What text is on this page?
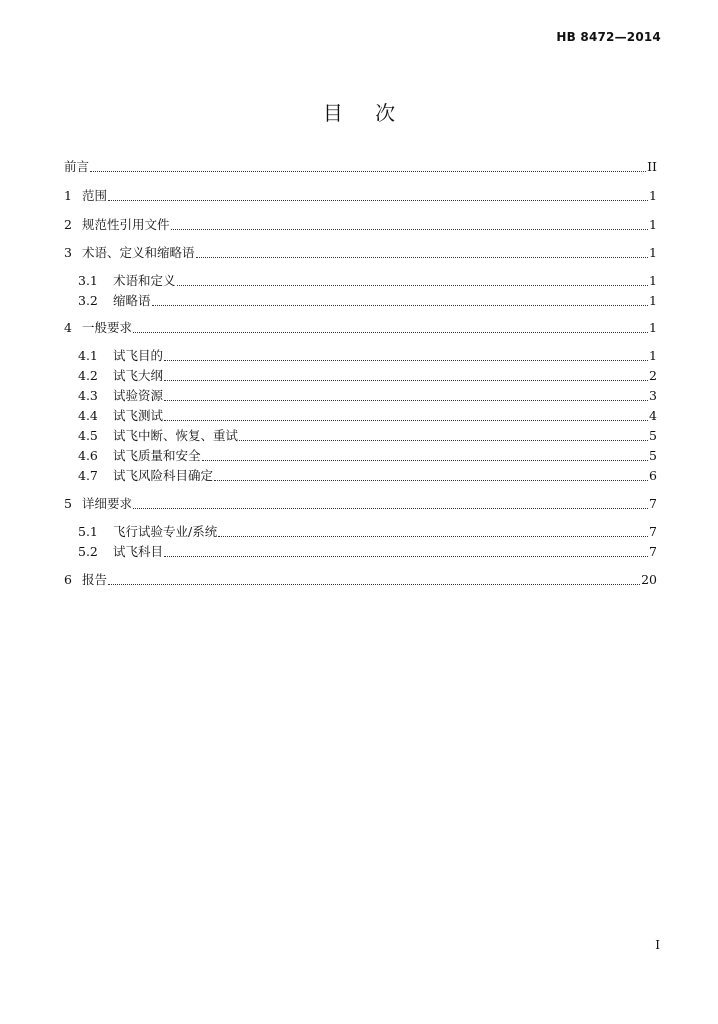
HB 8472—2014
目 次
前言	II
1 范围	1
2 规范性引用文件	1
3 术语、定义和缩略语	1
3.1	术语和定义	1
3.2	缩略语	1
4 一般要求	1
4.1	试飞目的	1
4.2	试飞大纲	2
4.3	试验资源	3
4.4	试飞测试	4
4.5	试飞中断、恢复、重试	5
4.6	试飞质量和安全	5
4.7	试飞风险科目确定	6
5 详细要求	7
5.1	飞行试验专业/系统	7
5.2	试飞科目	7
6 报告	20
I
